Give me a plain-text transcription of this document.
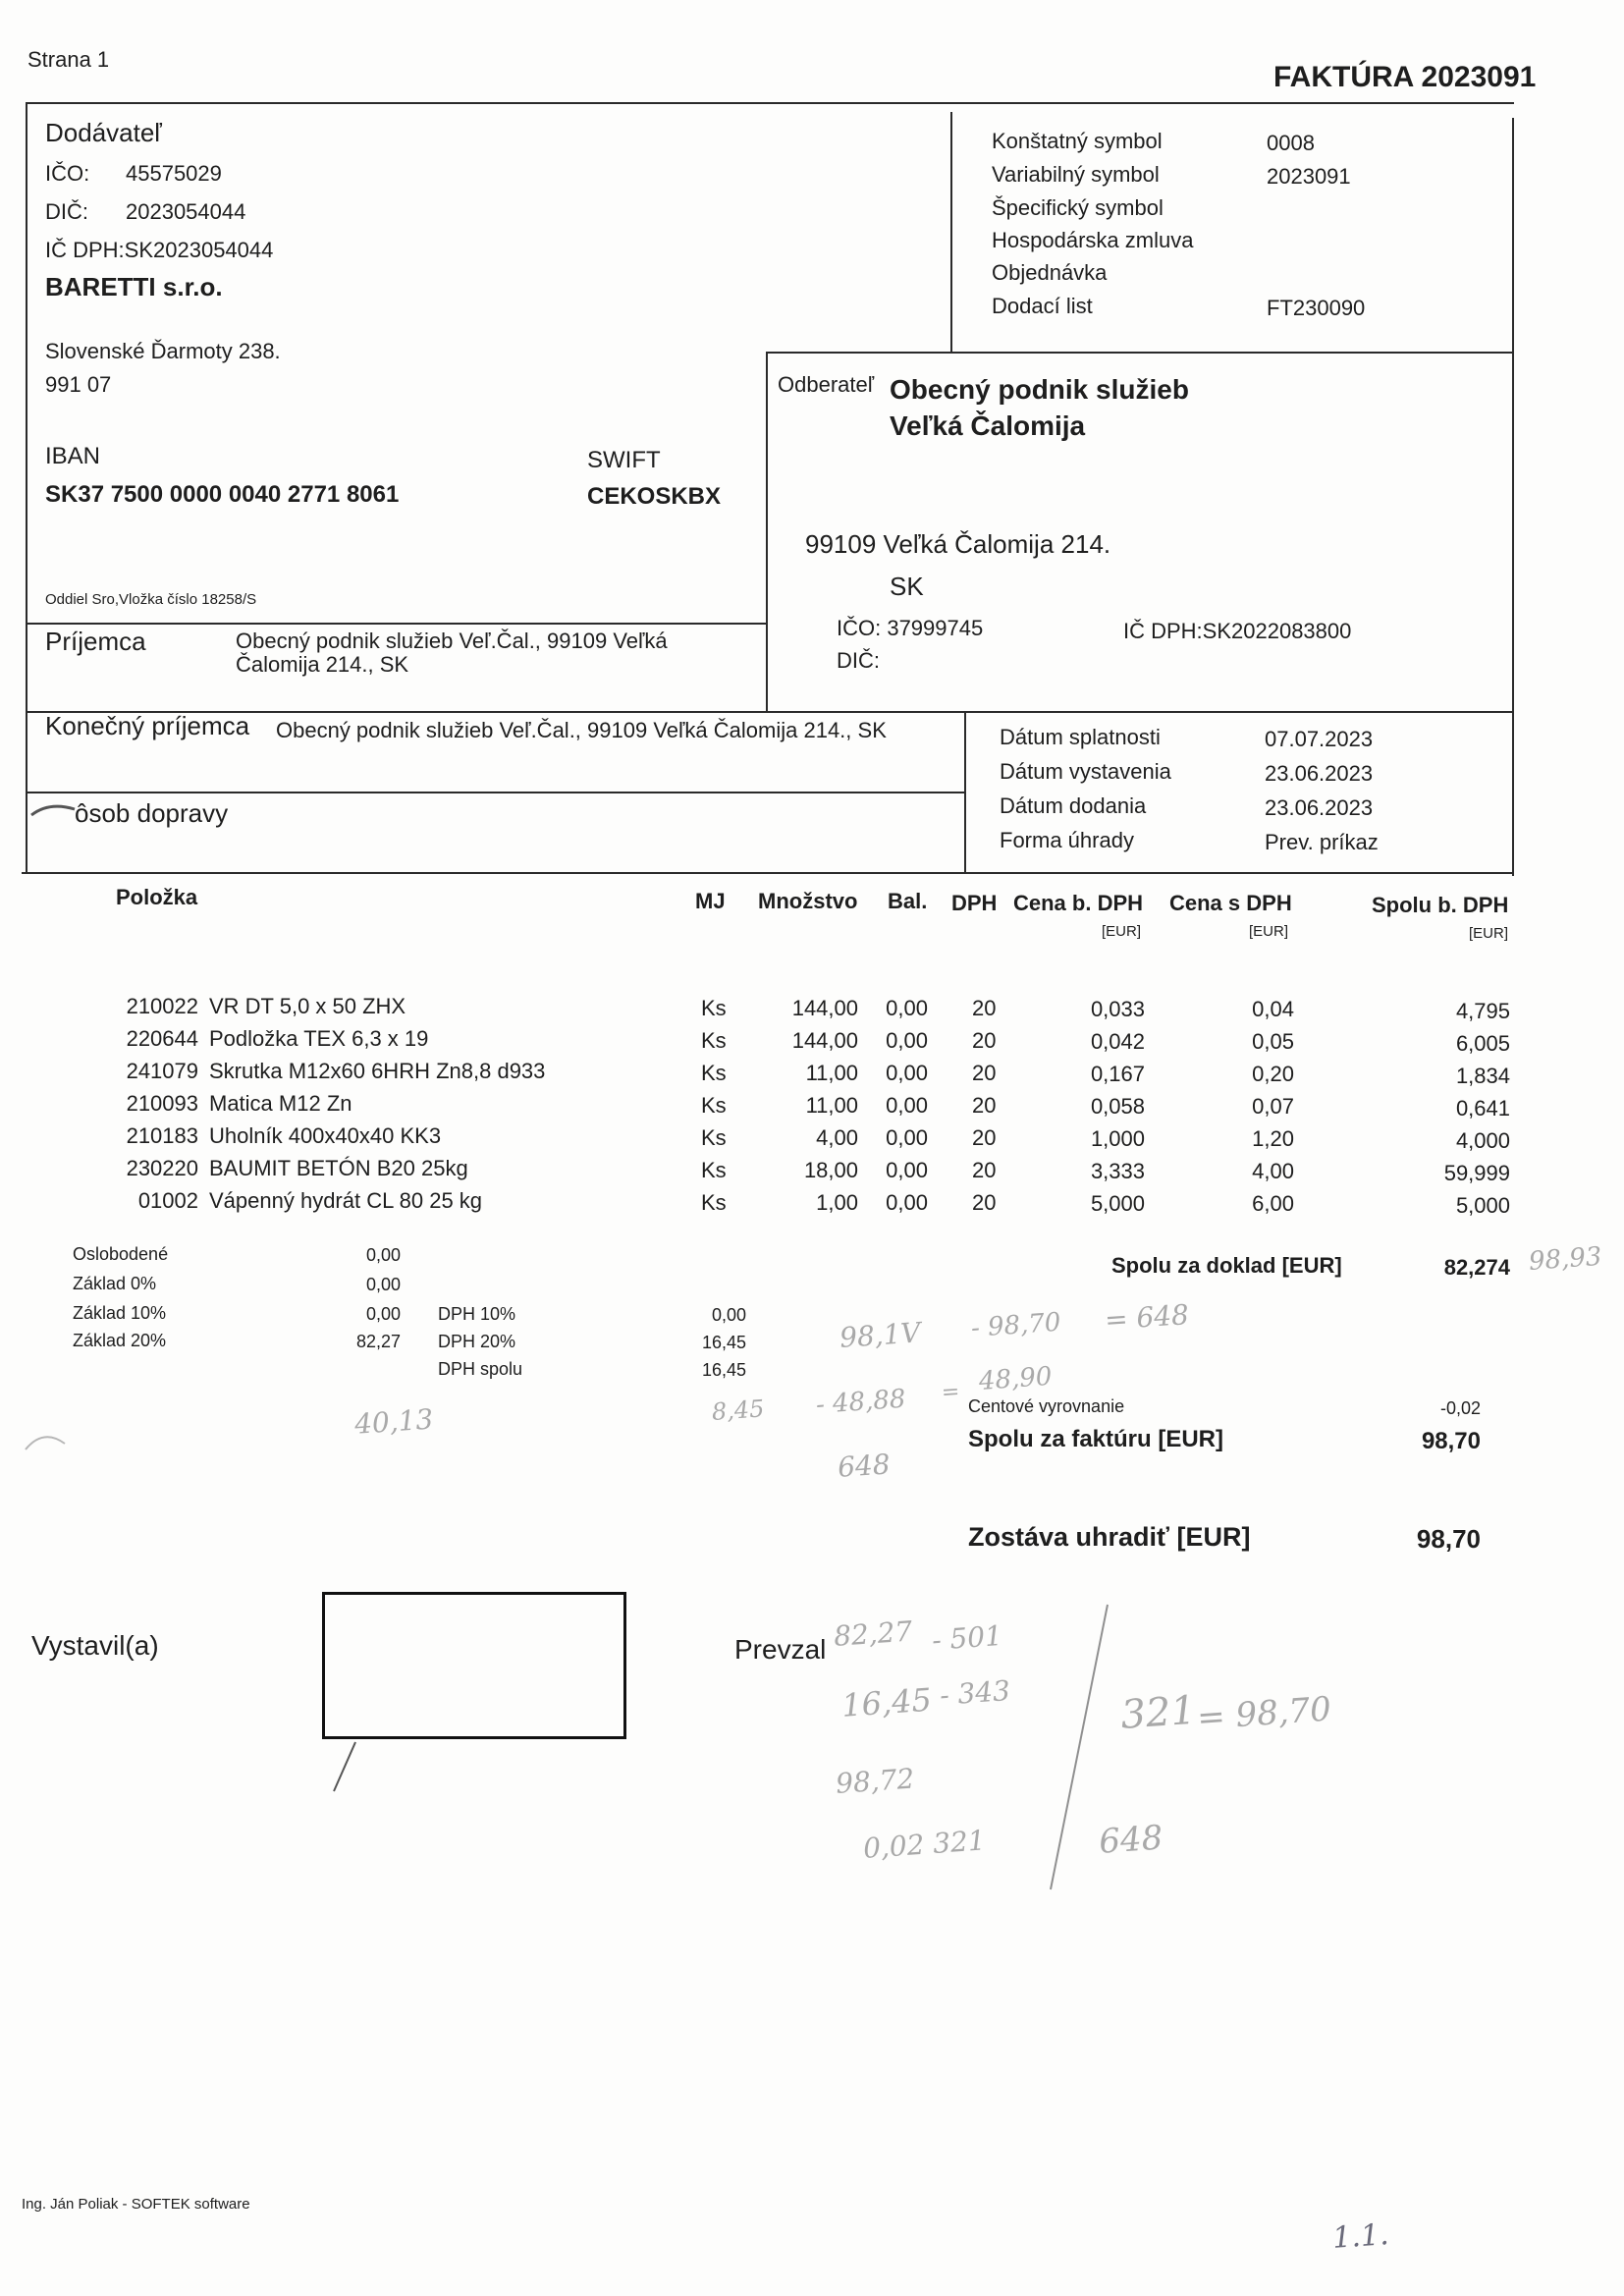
Strana 1
FAKTÚRA 2023091
Dodávateľ
IČO: 45575029
DIČ: 2023054044
IČ DPH:SK2023054044
BARETTI s.r.o.
Slovenské Ďarmoty 238.
991 07
IBAN
SK37 7500 0000 0040 2771 8061
SWIFT
CEKOSKBX
Oddiel Sro,Vložka číslo 18258/S
Konštatný symbol	0008
Variabilný symbol	2023091
Špecifický symbol
Hospodárska zmluva
Objednávka
Dodací list	FT230090
Odberateľ Obecný podnik služieb
Veľká Čalomija
99109 Veľká Čalomija 214.
SK
IČO: 37999745	IČ DPH:SK2022083800
DIČ:
Príjemca	Obecný podnik služieb Veľ.Čal., 99109 Veľká
Čalomija 214., SK
Konečný príjemca Obecný podnik služieb Veľ.Čal., 99109 Veľká Čalomija 214., SK
ôsob dopravy
Dátum splatnosti	07.07.2023
Dátum vystavenia	23.06.2023
Dátum dodania	23.06.2023
Forma úhrady	Prev. príkaz
Položka	MJ Množstvo Bal. DPH Cena b. DPH Cena s DPH	Spolu b. DPH
[EUR]	[EUR]	[EUR]
210022 VR DT 5,0 x 50 ZHX	Ks	144,00	0,00 20	0,033	0,04	4,795
220644 Podložka TEX 6,3 x 19	Ks	144,00	0,00 20	0,042	0,05	6,005
241079 Skrutka M12x60 6HRH Zn8,8 d933	Ks	11,00	0,00 20	0,167	0,20	1,834
210093 Matica M12 Zn	Ks	11,00	0,00 20	0,058	0,07	0,641
210183 Uholník 400x40x40 KK3	Ks	4,00	0,00 20	1,000	1,20	4,000
230220 BAUMIT BETÓN B20 25kg	Ks	18,00	0,00 20	3,333	4,00	59,999
01002 Vápenný hydrát CL 80 25 kg	Ks	1,00	0,00 20	5,000	6,00	5,000
Oslobodené	0,00
Základ 0%	0,00
Základ 10%	0,00 DPH 10%	0,00
Základ 20%	82,27 DPH 20%	16,45
DPH spolu	16,45
Spolu za doklad [EUR]	82,274
Centové vyrovnanie	-0,02
Spolu za faktúru [EUR]	98,70
Zostáva uhradiť [EUR]	98,70
Vystavil(a)	Prevzal
98,93
98,1V - 98,70 = 648
40,13	8,45 - 48,88 = 48,90
648
82,27 - 501
16,45 - 343
98,72
0,02 321
321
= 98,70
648
1.1.
Ing. Ján Poliak - SOFTEK software
